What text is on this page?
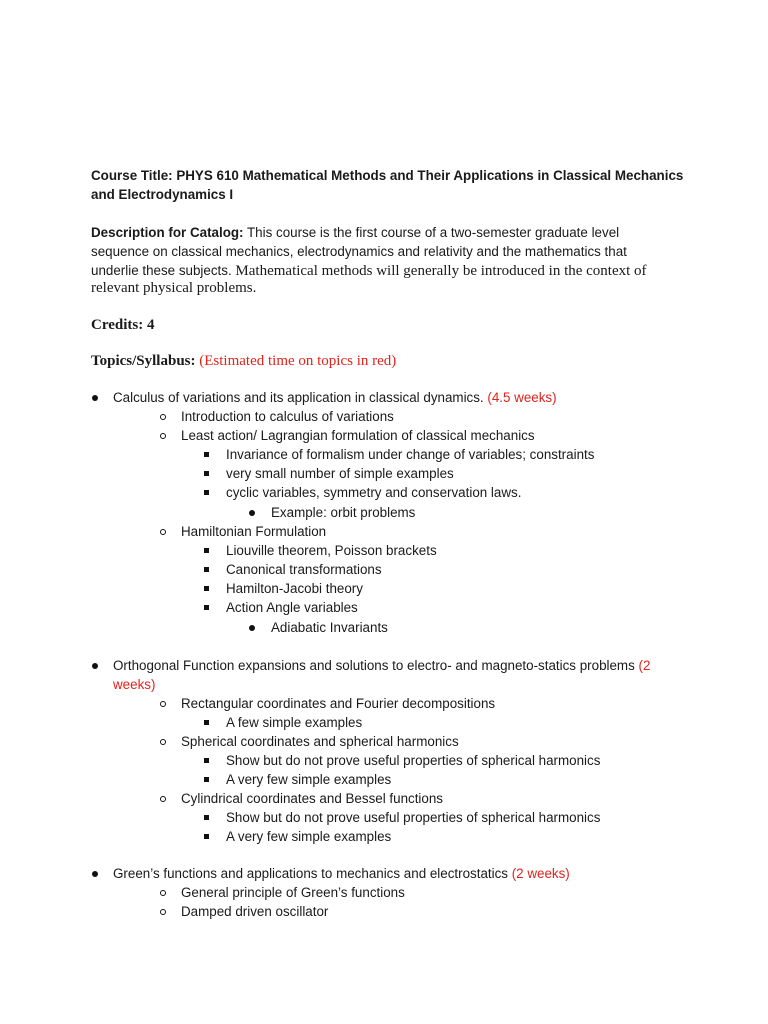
Course Title: PHYS 610 Mathematical Methods and Their Applications in Classical Mechanics
and Electrodynamics I
Description for Catalog: This course is the first course of a two-semester graduate level
sequence on classical mechanics, electrodynamics and relativity and the mathematics that
underlie these subjects. Mathematical methods will generally be introduced in the context of
relevant physical problems.
Credits: 4
Topics/Syllabus: (Estimated time on topics in red)
Calculus of variations and its application in classical dynamics. (4.5 weeks)
Introduction to calculus of variations
Least action/ Lagrangian formulation of classical mechanics
Invariance of formalism under change of variables; constraints
very small number of simple examples
cyclic variables, symmetry and conservation laws.
Example: orbit problems
Hamiltonian Formulation
Liouville theorem, Poisson brackets
Canonical transformations
Hamilton-Jacobi theory
Action Angle variables
Adiabatic Invariants
Orthogonal Function expansions and solutions to electro- and magneto-statics problems (2
weeks)
Rectangular coordinates and Fourier decompositions
A few simple examples
Spherical coordinates and spherical harmonics
Show but do not prove useful properties of spherical harmonics
A very few simple examples
Cylindrical coordinates and Bessel functions
Show but do not prove useful properties of spherical harmonics
A very few simple examples
Green’s functions and applications to mechanics and electrostatics (2 weeks)
General principle of Green’s functions
Damped driven oscillator
